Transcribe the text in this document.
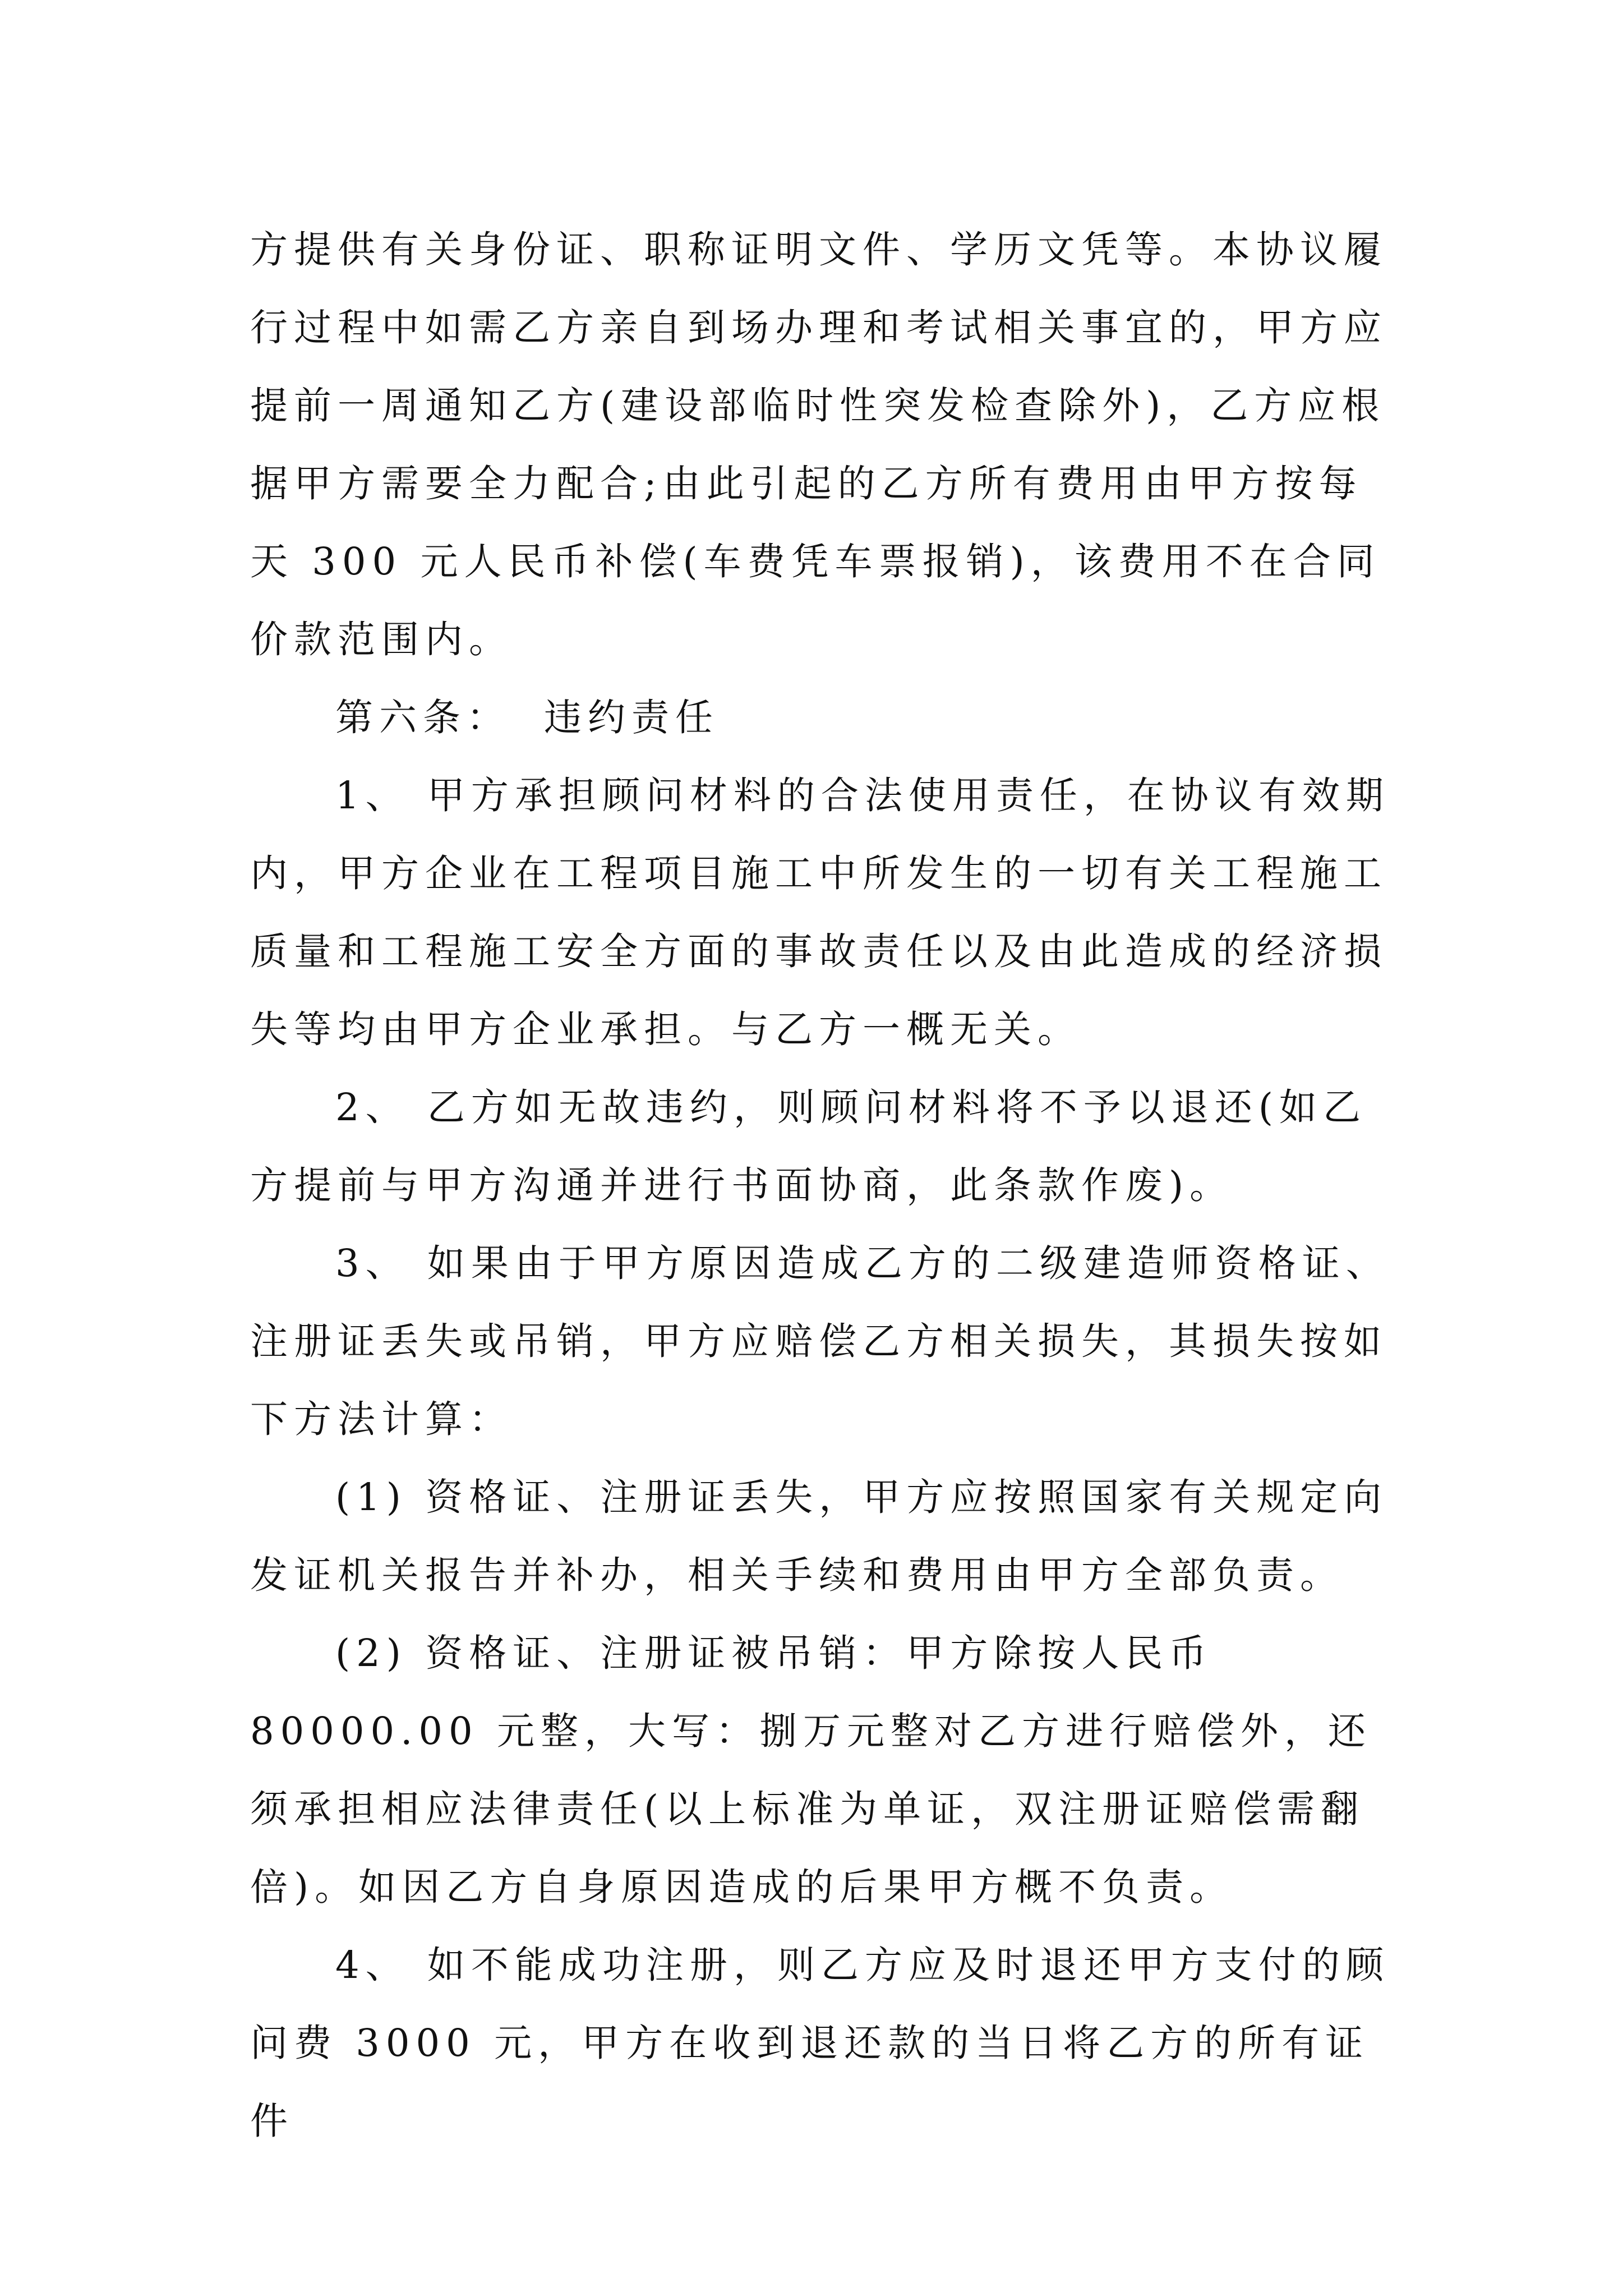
方提供有关身份证、职称证明文件、学历文凭等。本协议履行过程中如需乙方亲自到场办理和考试相关事宜的，甲方应提前一周通知乙方(建设部临时性突发检查除外)，乙方应根据甲方需要全力配合;由此引起的乙方所有费用由甲方按每天 300 元人民币补偿(车费凭车票报销)，该费用不在合同价款范围内。

第六条： 违约责任

1、 甲方承担顾问材料的合法使用责任，在协议有效期内，甲方企业在工程项目施工中所发生的一切有关工程施工质量和工程施工安全方面的事故责任以及由此造成的经济损失等均由甲方企业承担。与乙方一概无关。

2、 乙方如无故违约，则顾问材料将不予以退还(如乙方提前与甲方沟通并进行书面协商，此条款作废)。

3、 如果由于甲方原因造成乙方的二级建造师资格证、注册证丢失或吊销，甲方应赔偿乙方相关损失，其损失按如下方法计算：

(1) 资格证、注册证丢失，甲方应按照国家有关规定向发证机关报告并补办，相关手续和费用由甲方全部负责。

(2) 资格证、注册证被吊销：甲方除按人民币 80000.00 元整，大写：捌万元整对乙方进行赔偿外，还须承担相应法律责任(以上标准为单证，双注册证赔偿需翻倍)。如因乙方自身原因造成的后果甲方概不负责。

4、 如不能成功注册，则乙方应及时退还甲方支付的顾问费 3000 元，甲方在收到退还款的当日将乙方的所有证件
